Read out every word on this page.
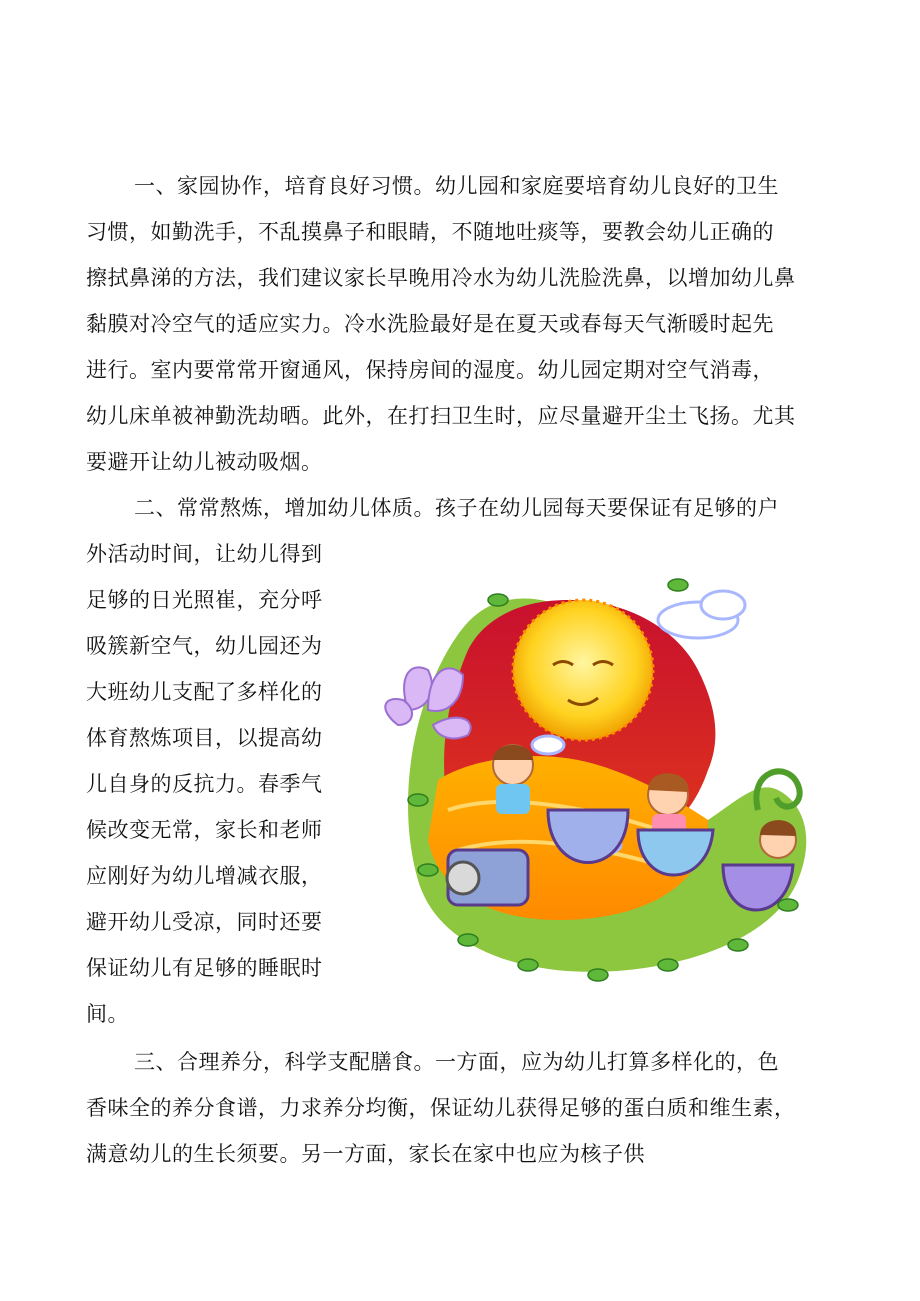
一、家园协作，培育良好习惯。幼儿园和家庭要培育幼儿良好的卫生
习惯，如勤洗手，不乱摸鼻子和眼睛，不随地吐痰等，要教会幼儿正确的
擦拭鼻涕的方法，我们建议家长早晚用冷水为幼儿洗脸洗鼻，以增加幼儿鼻
黏膜对冷空气的适应实力。冷水洗脸最好是在夏天或春每天气渐暖时起先
进行。室内要常常开窗通风，保持房间的湿度。幼儿园定期对空气消毒，
幼儿床单被神勤洗劫晒。此外，在打扫卫生时，应尽量避开尘土飞扬。尤其
要避开让幼儿被动吸烟。
二、常常熬炼，增加幼儿体质。孩子在幼儿园每天要保证有足够的户
外活动时间，让幼儿得到
足够的日光照崔，充分呼
吸簇新空气，幼儿园还为
大班幼儿支配了多样化的
体育熬炼项目，以提高幼
儿自身的反抗力。春季气
候改变无常，家长和老师
应刚好为幼儿增减衣服，
避开幼儿受凉，同时还要
保证幼儿有足够的睡眠时
间。
三、合理养分，科学支配膳食。一方面，应为幼儿打算多样化的，色
香味全的养分食谱，力求养分均衡，保证幼儿获得足够的蛋白质和维生素，
满意幼儿的生长须要。另一方面，家长在家中也应为核子供
